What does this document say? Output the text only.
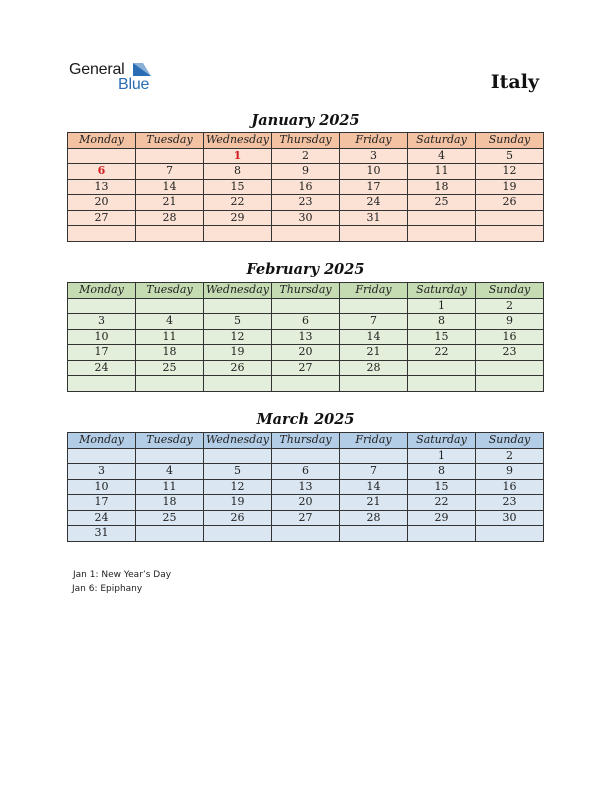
General
Blue	Italy
January 2025
Monday	Tuesday	Wednesday	Thursday	Friday	Saturday	Sunday
		1	2	3	4	5
6	7	8	9	10	11	12
13	14	15	16	17	18	19
20	21	22	23	24	25	26
27	28	29	30	31		

February 2025
Monday	Tuesday	Wednesday	Thursday	Friday	Saturday	Sunday
					1	2
3	4	5	6	7	8	9
10	11	12	13	14	15	16
17	18	19	20	21	22	23
24	25	26	27	28		

March 2025
Monday	Tuesday	Wednesday	Thursday	Friday	Saturday	Sunday
					1	2
3	4	5	6	7	8	9
10	11	12	13	14	15	16
17	18	19	20	21	22	23
24	25	26	27	28	29	30
31						
Jan 1: New Year’s Day
Jan 6: Epiphany
